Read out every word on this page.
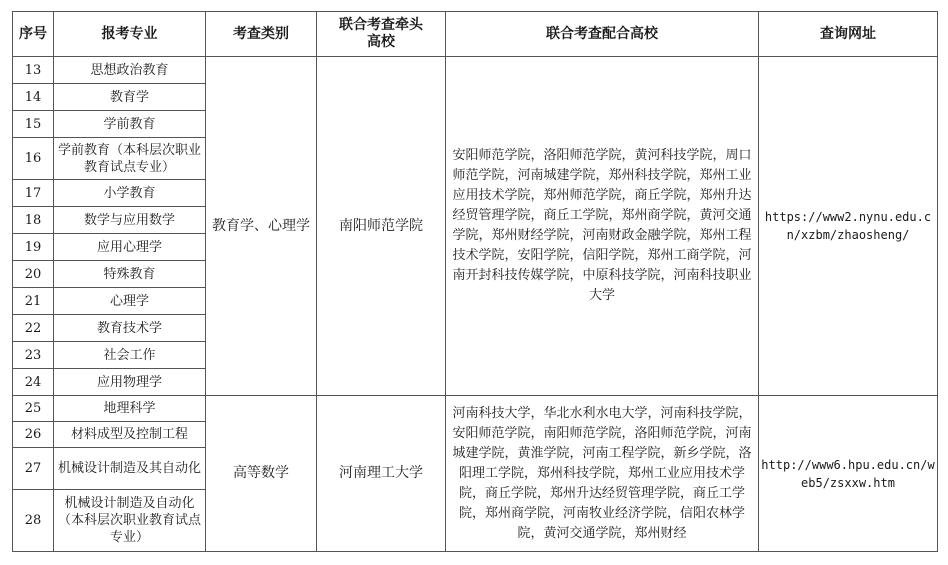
序号	报考专业	考查类别	联合考查牵头高校	联合考查配合高校	查询网址
13	思想政治教育	教育学、心理学	南阳师范学院	安阳师范学院，洛阳师范学院，黄河科技学院，周口师范学院，河南城建学院，郑州科技学院，郑州工业应用技术学院，郑州师范学院，商丘学院，郑州升达经贸管理学院，商丘工学院，郑州商学院，黄河交通学院，郑州财经学院，河南财政金融学院，郑州工程技术学院，安阳学院，信阳学院，郑州工商学院，河南开封科技传媒学院，中原科技学院，河南科技职业大学	https://www2.nynu.edu.cn/xzbm/zhaosheng/
14	教育学				
15	学前教育				
16	学前教育（本科层次职业教育试点专业）				
17	小学教育				
18	数学与应用数学				
19	应用心理学				
20	特殊教育				
21	心理学				
22	教育技术学				
23	社会工作				
24	应用物理学				
25	地理科学	高等数学	河南理工大学	河南科技大学，华北水利水电大学，河南科技学院，安阳师范学院，南阳师范学院，洛阳师范学院，河南城建学院，黄淮学院，河南工程学院，新乡学院，洛阳理工学院，郑州科技学院，郑州工业应用技术学院，商丘学院，郑州升达经贸管理学院，商丘工学院，郑州商学院，河南牧业经济学院，信阳农林学院，黄河交通学院，郑州财经	http://www6.hpu.edu.cn/web5/zsxxw.htm
26	材料成型及控制工程				
27	机械设计制造及其自动化				
28	机械设计制造及自动化（本科层次职业教育试点专业）				
